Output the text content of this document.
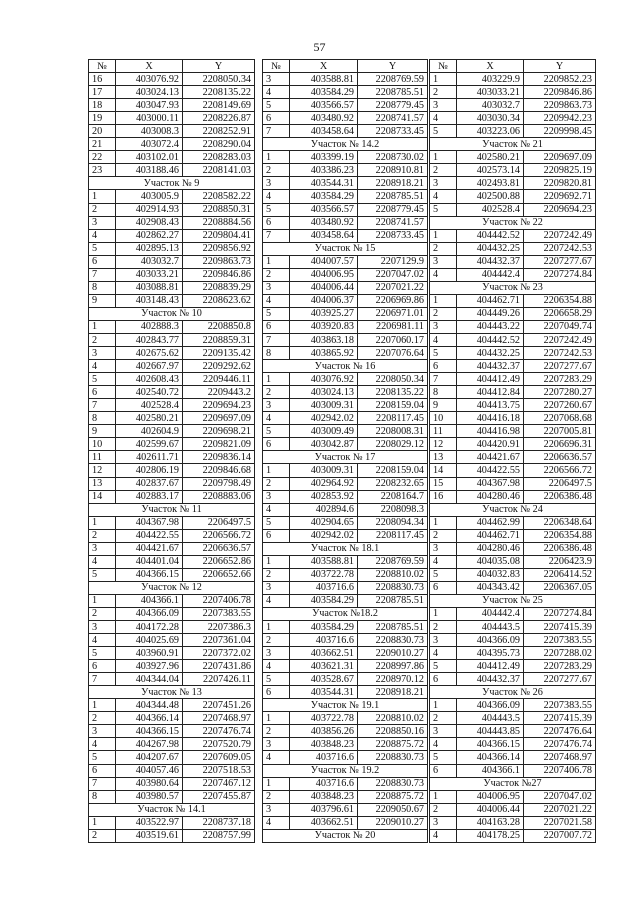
57
№	X	Y
16	403076.92	2208050.34
17	403024.13	2208135.22
18	403047.93	2208149.69
19	403000.11	2208226.87
20	403008.3	2208252.91
21	403072.4	2208290.04
22	403102.01	2208283.03
23	403188.46	2208141.03
Участок № 9		
1	403005.9	2208582.22
2	402914.93	2208850.31
3	402908.43	2208884.56
4	402862.27	2209804.41
5	402895.13	2209856.92
6	403032.7	2209863.73
7	403033.21	2209846.86
8	403088.81	2208839.29
9	403148.43	2208623.62
Участок № 10		
1	402888.3	2208850.8
2	402843.77	2208859.31
3	402675.62	2209135.42
4	402667.97	2209292.62
5	402608.43	2209446.11
6	402540.72	2209443.2
7	402528.4	2209694.23
8	402580.21	2209697.09
9	402604.9	2209698.21
10	402599.67	2209821.09
11	402611.71	2209836.14
12	402806.19	2209846.68
13	402837.67	2209798.49
14	402883.17	2208883.06
Участок № 11		
1	404367.98	2206497.5
2	404422.55	2206566.72
3	404421.67	2206636.57
4	404401.04	2206652.86
5	404366.15	2206652.66
Участок № 12		
1	404366.1	2207406.78
2	404366.09	2207383.55
3	404172.28	2207386.3
4	404025.69	2207361.04
5	403960.91	2207372.02
6	403927.96	2207431.86
7	404344.04	2207426.11
Участок № 13		
1	404344.48	2207451.26
2	404366.14	2207468.97
3	404366.15	2207476.74
4	404267.98	2207520.79
5	404207.67	2207609.05
6	404057.46	2207518.53
7	403980.64	2207467.12
8	403980.57	2207455.87
Участок № 14.1		
1	403522.97	2208737.18
2	403519.61	2208757.99
№	X	Y
3	403588.81	2208769.59
4	403584.29	2208785.51
5	403566.57	2208779.45
6	403480.92	2208741.57
7	403458.64	2208733.45
Участок № 14.2		
1	403399.19	2208730.02
2	403386.23	2208910.81
3	403544.31	2208918.21
4	403584.29	2208785.51
5	403566.57	2208779.45
6	403480.92	2208741.57
7	403458.64	2208733.45
Участок № 15		
1	404007.57	2207129.9
2	404006.95	2207047.02
3	404006.44	2207021.22
4	404006.37	2206969.86
5	403925.27	2206971.01
6	403920.83	2206981.11
7	403863.18	2207060.17
8	403865.92	2207076.64
Участок № 16		
1	403076.92	2208050.34
2	403024.13	2208135.22
3	403009.31	2208159.04
4	402942.02	2208117.45
5	403009.49	2208008.31
6	403042.87	2208029.12
Участок № 17		
1	403009.31	2208159.04
2	402964.92	2208232.65
3	402853.92	2208164.7
4	402894.6	2208098.3
5	402904.65	2208094.34
6	402942.02	2208117.45
Участок № 18.1		
1	403588.81	2208769.59
2	403722.78	2208810.02
3	403716.6	2208830.73
4	403584.29	2208785.51
Участок №18.2		
1	403584.29	2208785.51
2	403716.6	2208830.73
3	403662.51	2209010.27
4	403621.31	2208997.86
5	403528.67	2208970.12
6	403544.31	2208918.21
Участок № 19.1		
1	403722.78	2208810.02
2	403856.26	2208850.16
3	403848.23	2208875.72
4	403716.6	2208830.73
Участок № 19.2		
1	403716.6	2208830.73
2	403848.23	2208875.72
3	403796.61	2209050.67
4	403662.51	2209010.27
Участок № 20		
№	X	Y
1	403229.9	2209852.23
2	403033.21	2209846.86
3	403032.7	2209863.73
4	403030.34	2209942.23
5	403223.06	2209998.45
Участок № 21		
1	402580.21	2209697.09
2	402573.14	2209825.19
3	402493.81	2209820.81
4	402500.88	2209692.71
5	402528.4	2209694.23
Участок № 22		
1	404442.52	2207242.49
2	404432.25	2207242.53
3	404432.37	2207277.67
4	404442.4	2207274.84
Участок № 23		
1	404462.71	2206354.88
2	404449.26	2206658.29
3	404443.22	2207049.74
4	404442.52	2207242.49
5	404432.25	2207242.53
6	404432.37	2207277.67
7	404412.49	2207283.29
8	404412.84	2207280.27
9	404413.75	2207260.67
10	404416.18	2207068.68
11	404416.98	2207005.81
12	404420.91	2206696.31
13	404421.67	2206636.57
14	404422.55	2206566.72
15	404367.98	2206497.5
16	404280.46	2206386.48
Участок № 24		
1	404462.99	2206348.64
2	404462.71	2206354.88
3	404280.46	2206386.48
4	404035.08	2206423.9
5	404032.83	2206414.52
6	404343.42	2206367.05
Участок № 25		
1	404442.4	2207274.84
2	404443.5	2207415.39
3	404366.09	2207383.55
4	404395.73	2207288.02
5	404412.49	2207283.29
6	404432.37	2207277.67
Участок № 26		
1	404366.09	2207383.55
2	404443.5	2207415.39
3	404443.85	2207476.64
4	404366.15	2207476.74
5	404366.14	2207468.97
6	404366.1	2207406.78
Участок №27		
1	404006.95	2207047.02
2	404006.44	2207021.22
3	404163.28	2207021.58
4	404178.25	2207007.72
